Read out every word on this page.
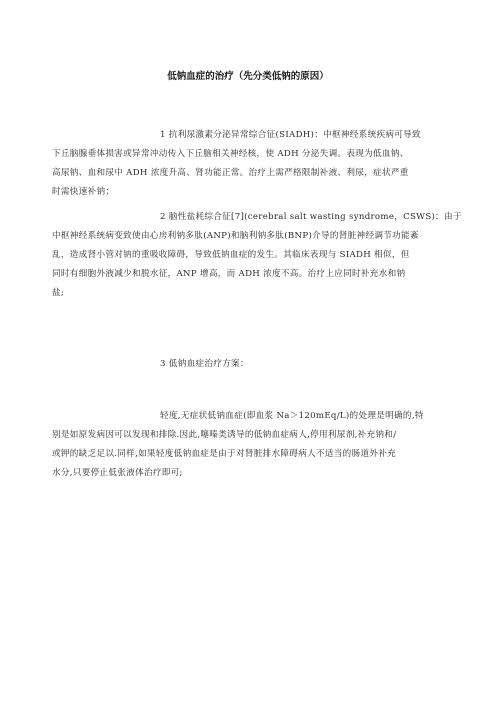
低钠血症的治疗（先分类低钠的原因）
1 抗利尿激素分泌异常综合征(SIADH)：中枢神经系统疾病可导致
下丘脑腺垂体损害或异常冲动传入下丘脑相关神经核，使 ADH 分泌失调。表现为低血钠、
高尿钠、血和尿中 ADH 浓度升高、肾功能正常。治疗上需严格限制补液、利尿，症状严重
时需快速补钠；
2 脑性盐耗综合征[7](cerebral salt wasting syndrome，CSWS)：由于
中枢神经系统病变致使由心房利钠多肽(ANP)和脑利钠多肽(BNP)介导的肾脏神经调节功能紊
乱，造成肾小管对钠的重吸收障碍，导致低钠血症的发生。其临床表现与 SIADH 相似，但
同时有细胞外液减少和脱水征，ANP 增高，而 ADH 浓度不高。治疗上应同时补充水和钠
盐;
3 低钠血症治疗方案：
轻度,无症状低钠血症(即血浆 Na＞120mEq/L)的处理是明确的,特
别是如原发病因可以发现和排除.因此,噻嗪类诱导的低钠血症病人,停用利尿剂,补充钠和/
或钾的缺乏足以.同样,如果轻度低钠血症是由于对肾脏排水障碍病人不适当的肠道外补充
水分,只要停止低张液体治疗即可;
